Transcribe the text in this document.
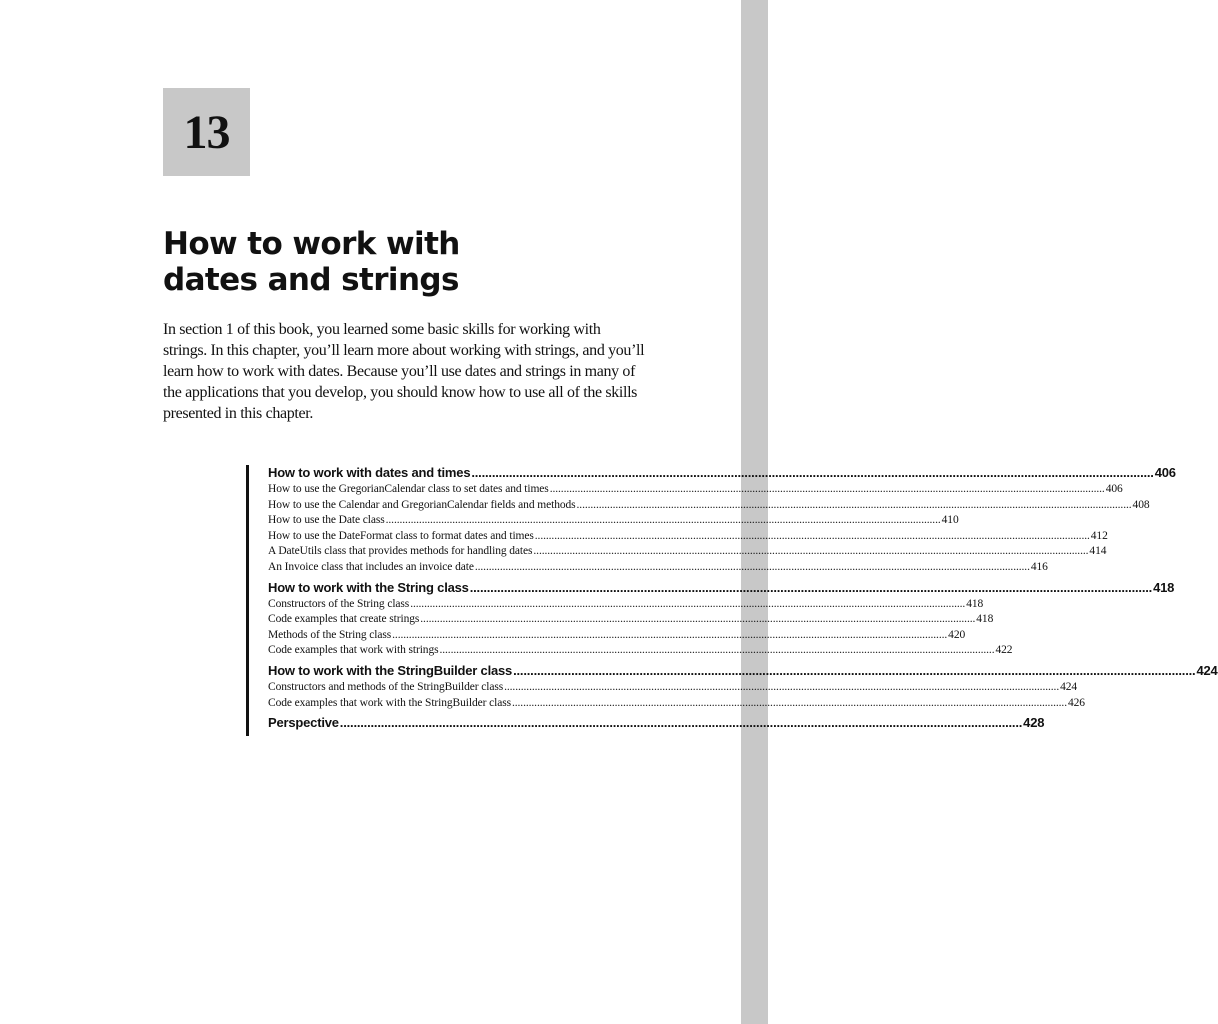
13
How to work with
dates and strings

In section 1 of this book, you learned some basic skills for working with
strings. In this chapter, you’ll learn more about working with strings, and you’ll
learn how to work with dates. Because you’ll use dates and strings in many of
the applications that you develop, you should know how to use all of the skills
presented in this chapter.

How to work with dates and times ........................................................................................................................................................................................................ 406
How to use the GregorianCalendar class to set dates and times ........................................................................................................................................................................................................ 406
How to use the Calendar and GregorianCalendar fields and methods ........................................................................................................................................................................................................ 408
How to use the Date class ........................................................................................................................................................................................................ 410
How to use the DateFormat class to format dates and times ........................................................................................................................................................................................................ 412
A DateUtils class that provides methods for handling dates ........................................................................................................................................................................................................ 414
An Invoice class that includes an invoice date ........................................................................................................................................................................................................ 416
How to work with the String class ........................................................................................................................................................................................................ 418
Constructors of the String class ........................................................................................................................................................................................................ 418
Code examples that create strings ........................................................................................................................................................................................................ 418
Methods of the String class ........................................................................................................................................................................................................ 420
Code examples that work with strings ........................................................................................................................................................................................................ 422
How to work with the StringBuilder class ........................................................................................................................................................................................................ 424
Constructors and methods of the StringBuilder class ........................................................................................................................................................................................................ 424
Code examples that work with the StringBuilder class ........................................................................................................................................................................................................ 426
Perspective ........................................................................................................................................................................................................ 428
